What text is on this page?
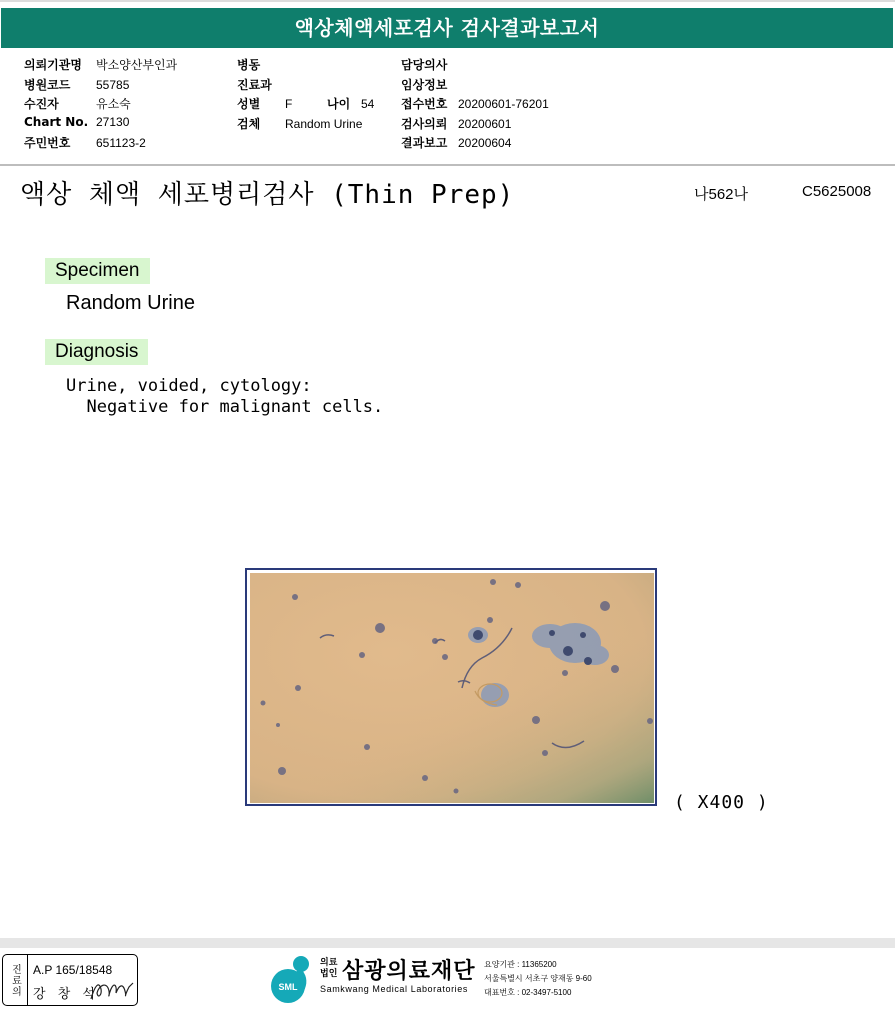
액상체액세포검사 검사결과보고서
의뢰기관명 박소양산부인과
병원코드 55785
수진자	유소숙
Chart No. 27130
주민번호 651123-2
병동
진료과
성별 F	나이 54
검체 Random Urine
담당의사
임상정보
접수번호 20200601-76201
검사의뢰 20200601
결과보고 20200604
액상 체액 세포병리검사 (Thin Prep)	나562나	C5625008
Specimen
Random Urine
Diagnosis
Urine, voided, cytology:
Negative for malignant cells.
( X400 )
진료의 A.P 165/18548
강 창 석	SML
의료
법인 삼광의료재단
Samkwang Medical Laboratories
요양기관 : 11365200
서울특별시 서초구 양재동 9-60
대표번호 : 02-3497-5100
